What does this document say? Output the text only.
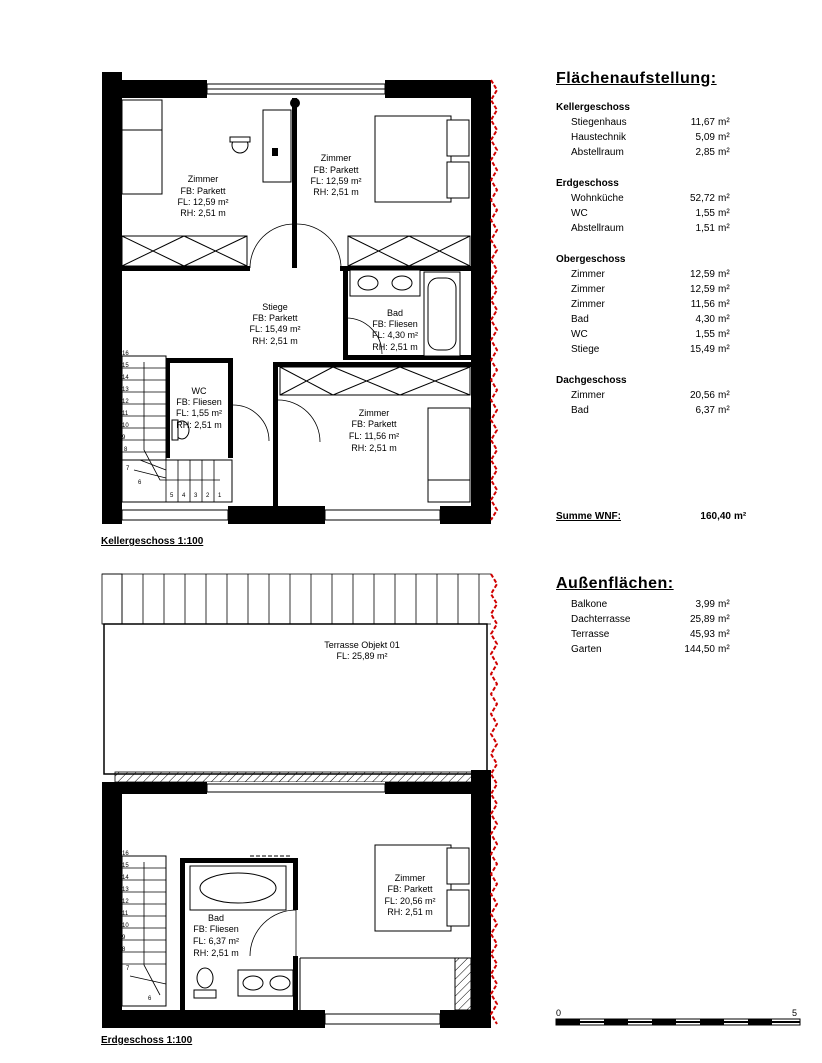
16
15
14
13
12
11
10
9
8
7
6
5 4 3 2 1
Zimmer
FB: Parkett
FL: 12,59 m²
RH: 2,51 m
Zimmer
FB: Parkett
FL: 12,59 m²
RH: 2,51 m
Stiege
FB: Parkett
FL: 15,49 m²
RH: 2,51 m
Bad
FB: Fliesen
FL: 4,30 m²
RH: 2,51 m
WC
FB: Fliesen
FL: 1,55 m²
RH: 2,51 m
Zimmer
FB: Parkett
FL: 11,56 m²
RH: 2,51 m
16
15
14
13
12
11
10
9
8
7
6
Terrasse Objekt 01
FL: 25,89 m²
Zimmer
FB: Parkett
FL: 20,56 m²
RH: 2,51 m
Bad
FB: Fliesen
FL: 6,37 m²
RH: 2,51 m
Kellergeschoss 1:100
Erdgeschoss 1:100
Flächenaufstellung:
Kellergeschoss
Stiegenhaus	11,67 m²
Haustechnik	5,09 m²
Abstellraum	2,85 m²
Erdgeschoss
Wohnküche	52,72 m²
WC	1,55 m²
Abstellraum	1,51 m²
Obergeschoss
Zimmer	12,59 m²
Zimmer	12,59 m²
Zimmer	11,56 m²
Bad	4,30 m²
WC	1,55 m²
Stiege	15,49 m²
Dachgeschoss
Zimmer	20,56 m²
Bad	6,37 m²
Summe WNF:	160,40 m²
Außenflächen:
Balkone	3,99 m²
Dachterrasse	25,89 m²
Terrasse	45,93 m²
Garten	144,50 m²
0	5
